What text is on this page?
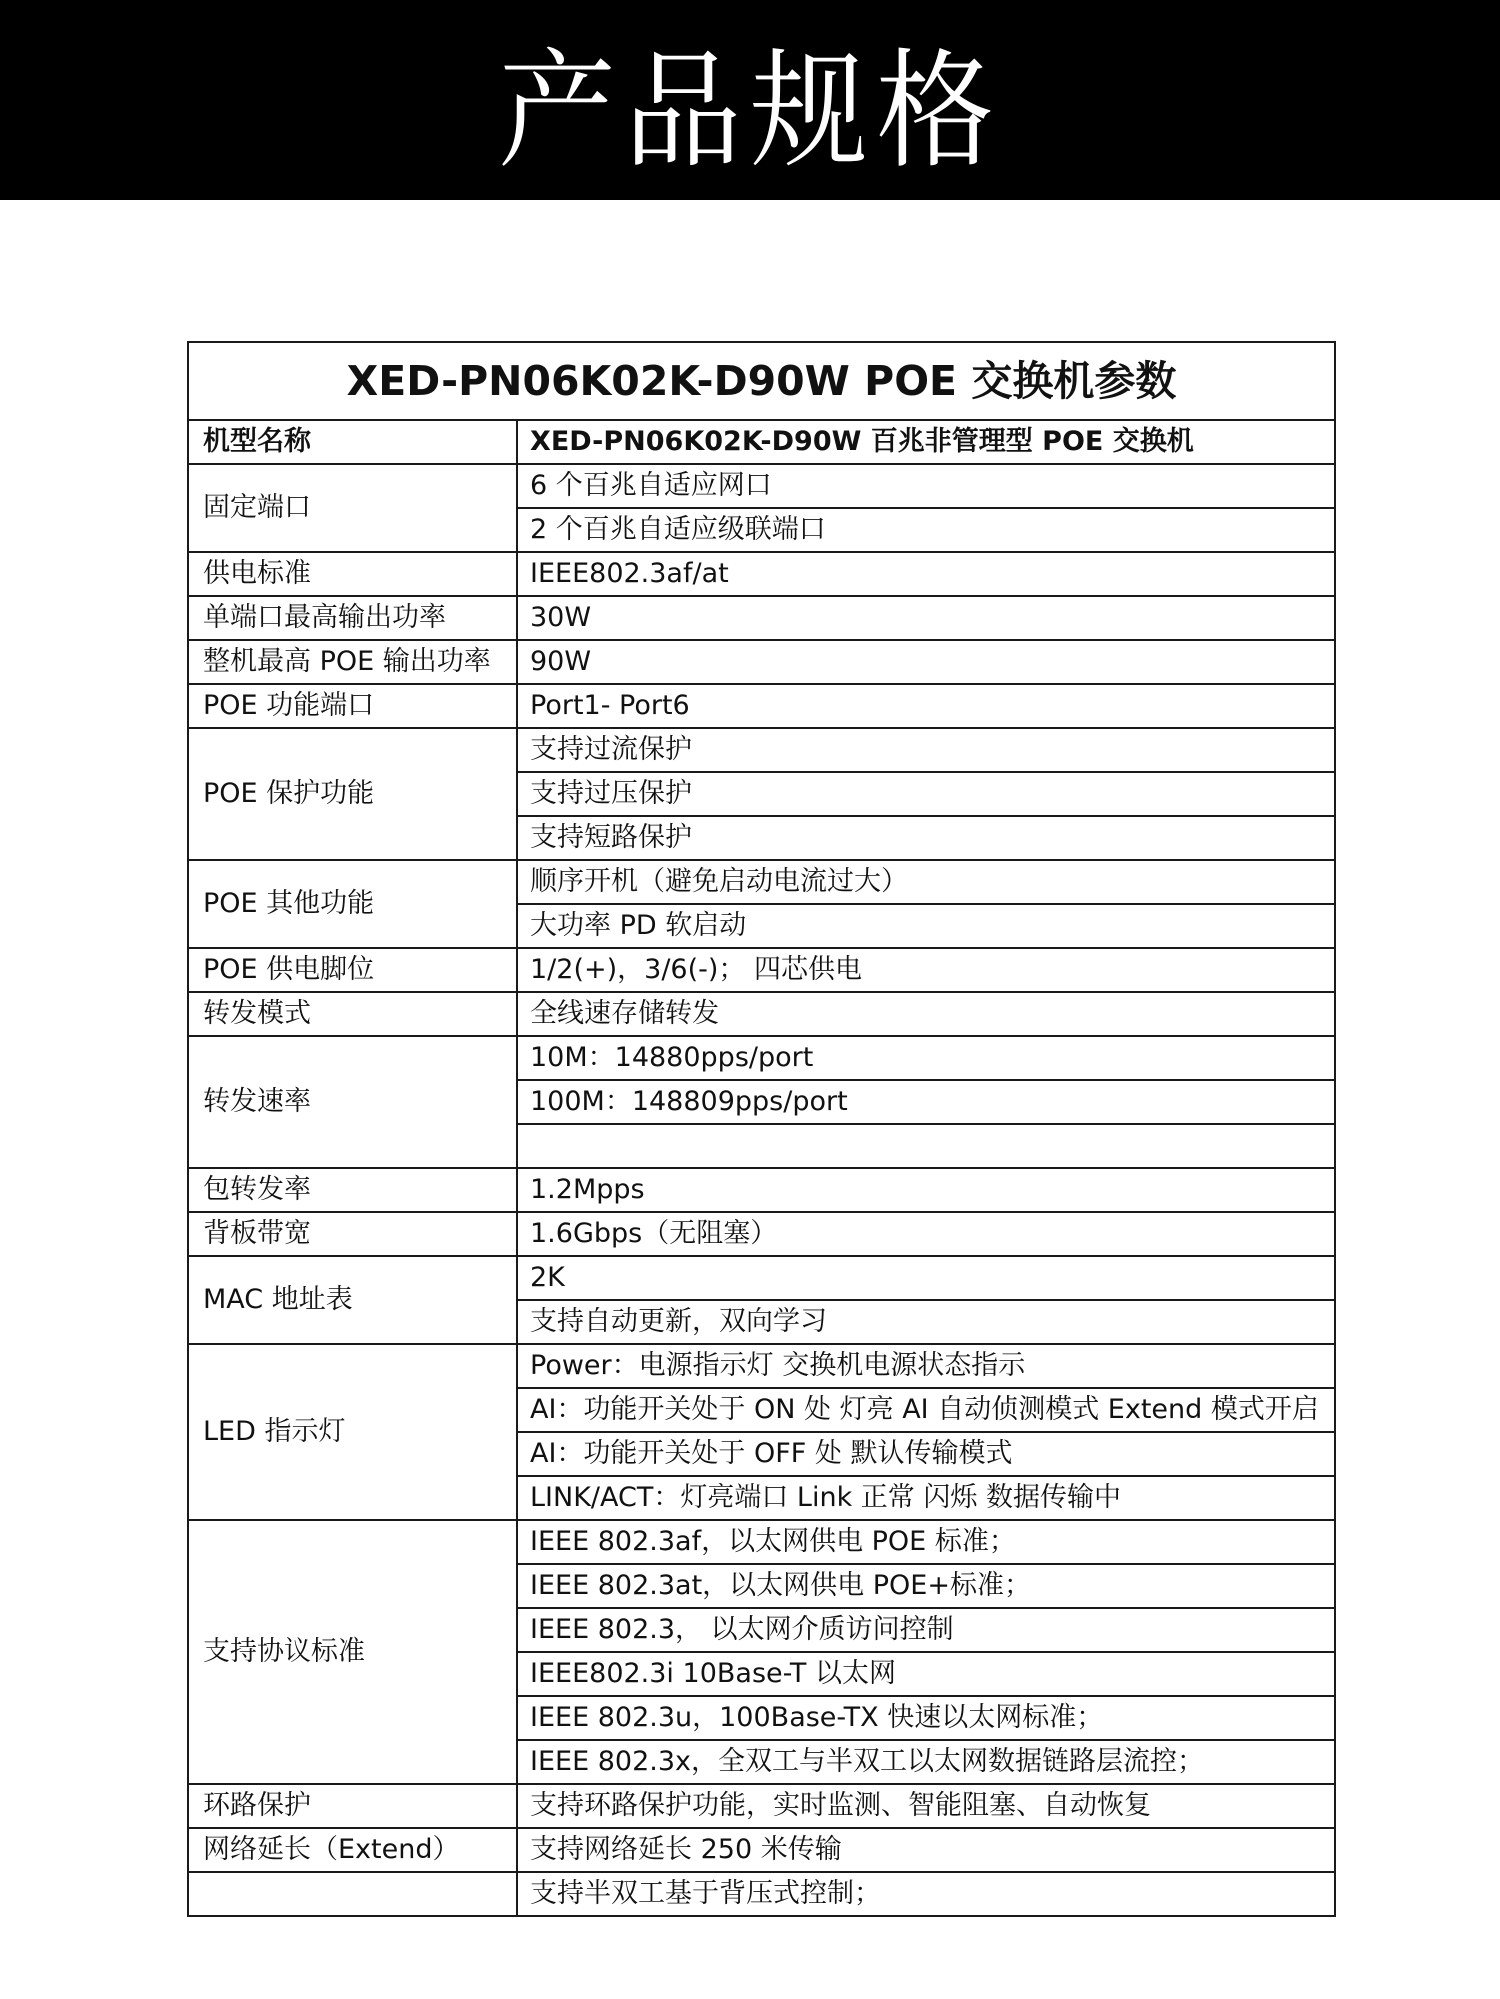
产品规格
XED-PN06K02K-D90W POE 交换机参数	
机型名称	XED-PN06K02K-D90W 百兆非管理型 POE 交换机
固定端口	6 个百兆自适应网口
	2 个百兆自适应级联端口
供电标准	IEEE802.3af/at
单端口最高输出功率	30W
整机最高 POE 输出功率	90W
POE 功能端口	Port1- Port6
POE 保护功能	支持过流保护
	支持过压保护
	支持短路保护
POE 其他功能	顺序开机（避免启动电流过大）
	大功率 PD 软启动
POE 供电脚位	1/2(+)，3/6(-)； 四芯供电
转发模式	全线速存储转发
转发速率	10M：14880pps/port
	100M：148809pps/port

包转发率	1.2Mpps
背板带宽	1.6Gbps（无阻塞）
MAC 地址表	2K
	支持自动更新，双向学习
LED 指示灯	Power：电源指示灯 交换机电源状态指示
	AI：功能开关处于 ON 处 灯亮 AI 自动侦测模式 Extend 模式开启
	AI：功能开关处于 OFF 处 默认传输模式
	LINK/ACT：灯亮端口 Link 正常 闪烁 数据传输中
支持协议标准	IEEE 802.3af，以太网供电 POE 标准；
	IEEE 802.3at，以太网供电 POE+标准；
	IEEE 802.3， 以太网介质访问控制
	IEEE802.3i 10Base-T 以太网
	IEEE 802.3u，100Base-TX 快速以太网标准；
	IEEE 802.3x，全双工与半双工以太网数据链路层流控；
环路保护	支持环路保护功能，实时监测、智能阻塞、自动恢复
网络延长（Extend）	支持网络延长 250 米传输
	支持半双工基于背压式控制；
